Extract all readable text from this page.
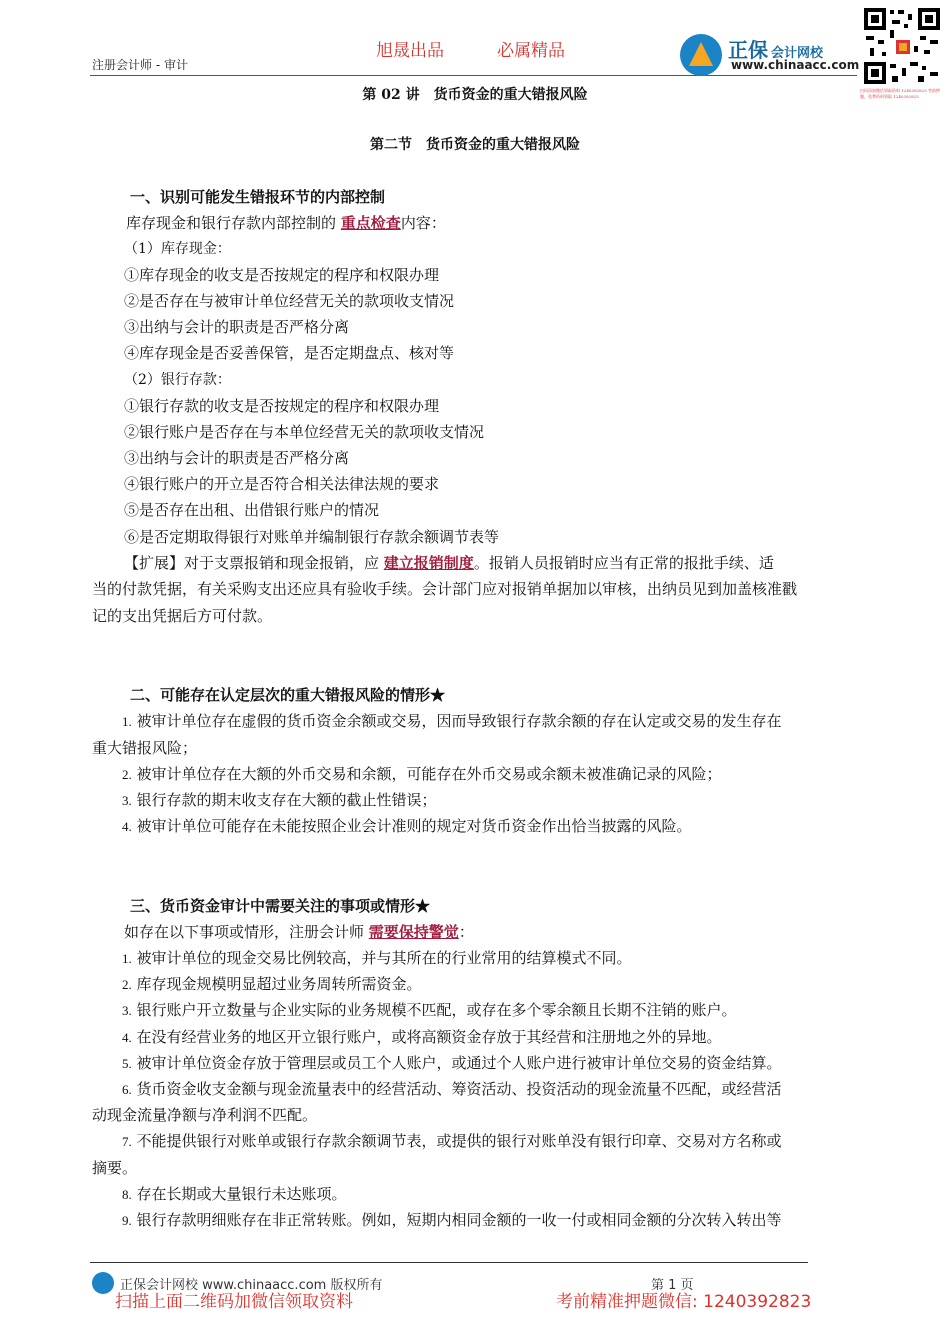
旭晟出品	必属精品
注册会计师 - 审计
正保 会计网校
www.chinaacc.com
扫码添加微信领取资料 1240392823 考前押题，免费资料领取 1240392823
第 02 讲　货币资金的重大错报风险
第二节　货币资金的重大错报风险
一、识别可能发生错报环节的内部控制
库存现金和银行存款内部控制的 重点检查内容：
（1）库存现金：
①库存现金的收支是否按规定的程序和权限办理
②是否存在与被审计单位经营无关的款项收支情况
③出纳与会计的职责是否严格分离
④库存现金是否妥善保管，是否定期盘点、核对等
（2）银行存款：
①银行存款的收支是否按规定的程序和权限办理
②银行账户是否存在与本单位经营无关的款项收支情况
③出纳与会计的职责是否严格分离
④银行账户的开立是否符合相关法律法规的要求
⑤是否存在出租、出借银行账户的情况
⑥是否定期取得银行对账单并编制银行存款余额调节表等
【扩展】对于支票报销和现金报销，应 建立报销制度。报销人员报销时应当有正常的报批手续、适
当的付款凭据，有关采购支出还应具有验收手续。会计部门应对报销单据加以审核，出纳员见到加盖核准戳
记的支出凭据后方可付款。
二、可能存在认定层次的重大错报风险的情形★
1. 被审计单位存在虚假的货币资金余额或交易，因而导致银行存款余额的存在认定或交易的发生存在
重大错报风险；
2. 被审计单位存在大额的外币交易和余额，可能存在外币交易或余额未被准确记录的风险；
3. 银行存款的期末收支存在大额的截止性错误；
4. 被审计单位可能存在未能按照企业会计准则的规定对货币资金作出恰当披露的风险。
三、货币资金审计中需要关注的事项或情形★
如存在以下事项或情形，注册会计师 需要保持警觉：
1. 被审计单位的现金交易比例较高，并与其所在的行业常用的结算模式不同。
2. 库存现金规模明显超过业务周转所需资金。
3. 银行账户开立数量与企业实际的业务规模不匹配，或存在多个零余额且长期不注销的账户。
4. 在没有经营业务的地区开立银行账户，或将高额资金存放于其经营和注册地之外的异地。
5. 被审计单位资金存放于管理层或员工个人账户，或通过个人账户进行被审计单位交易的资金结算。
6. 货币资金收支金额与现金流量表中的经营活动、筹资活动、投资活动的现金流量不匹配，或经营活
动现金流量净额与净利润不匹配。
7. 不能提供银行对账单或银行存款余额调节表，或提供的银行对账单没有银行印章、交易对方名称或
摘要。
8. 存在长期或大量银行未达账项。
9. 银行存款明细账存在非正常转账。例如，短期内相同金额的一收一付或相同金额的分次转入转出等
正保会计网校 www.chinaacc.com 版权所有	第 1 页
扫描上面二维码加微信领取资料	考前精准押题微信: 1240392823
